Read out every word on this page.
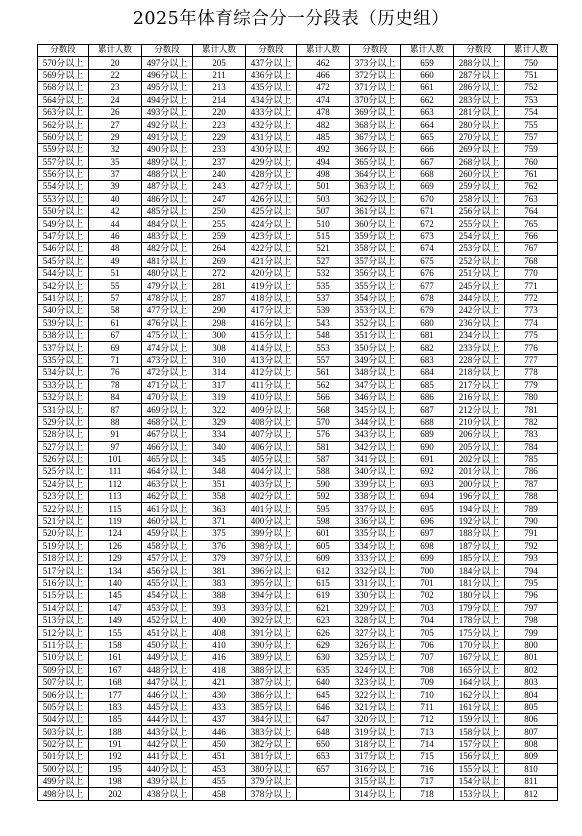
2025年体育综合分一分段表（历史组）
分数段	累计人数	分数段	累计人数	分数段	累计人数	分数段	累计人数	分数段	累计人数
570分以上	20	497分以上	205	437分以上	462	373分以上	659	288分以上	750
569分以上	22	496分以上	211	436分以上	466	372分以上	660	287分以上	751
568分以上	23	495分以上	213	435分以上	472	371分以上	661	286分以上	752
564分以上	24	494分以上	214	434分以上	474	370分以上	662	283分以上	753
563分以上	26	493分以上	220	433分以上	478	369分以上	663	281分以上	754
562分以上	27	492分以上	223	432分以上	482	368分以上	664	280分以上	755
560分以上	29	491分以上	229	431分以上	485	367分以上	665	270分以上	757
559分以上	32	490分以上	233	430分以上	492	366分以上	666	269分以上	759
557分以上	35	489分以上	237	429分以上	494	365分以上	667	268分以上	760
556分以上	37	488分以上	240	428分以上	498	364分以上	668	260分以上	761
554分以上	39	487分以上	243	427分以上	501	363分以上	669	259分以上	762
553分以上	40	486分以上	247	426分以上	503	362分以上	670	258分以上	763
550分以上	42	485分以上	250	425分以上	507	361分以上	671	256分以上	764
549分以上	44	484分以上	255	424分以上	510	360分以上	672	255分以上	765
547分以上	46	483分以上	259	423分以上	515	359分以上	673	254分以上	766
546分以上	48	482分以上	264	422分以上	521	358分以上	674	253分以上	767
545分以上	49	481分以上	269	421分以上	527	357分以上	675	252分以上	768
544分以上	51	480分以上	272	420分以上	532	356分以上	676	251分以上	770
542分以上	55	479分以上	281	419分以上	535	355分以上	677	245分以上	771
541分以上	57	478分以上	287	418分以上	537	354分以上	678	244分以上	772
540分以上	58	477分以上	290	417分以上	539	353分以上	679	242分以上	773
539分以上	61	476分以上	298	416分以上	543	352分以上	680	236分以上	774
538分以上	67	475分以上	300	415分以上	548	351分以上	681	234分以上	775
537分以上	69	474分以上	308	414分以上	553	350分以上	682	233分以上	776
535分以上	71	473分以上	310	413分以上	557	349分以上	683	228分以上	777
534分以上	76	472分以上	314	412分以上	561	348分以上	684	218分以上	778
533分以上	78	471分以上	317	411分以上	562	347分以上	685	217分以上	779
532分以上	84	470分以上	319	410分以上	566	346分以上	686	216分以上	780
531分以上	87	469分以上	322	409分以上	568	345分以上	687	212分以上	781
529分以上	88	468分以上	329	408分以上	570	344分以上	688	210分以上	782
528分以上	91	467分以上	334	407分以上	576	343分以上	689	206分以上	783
527分以上	97	466分以上	340	406分以上	581	342分以上	690	205分以上	784
526分以上	101	465分以上	345	405分以上	587	341分以上	691	202分以上	785
525分以上	111	464分以上	348	404分以上	588	340分以上	692	201分以上	786
524分以上	112	463分以上	351	403分以上	590	339分以上	693	200分以上	787
523分以上	113	462分以上	358	402分以上	592	338分以上	694	196分以上	788
522分以上	115	461分以上	363	401分以上	595	337分以上	695	194分以上	789
521分以上	119	460分以上	371	400分以上	598	336分以上	696	192分以上	790
520分以上	124	459分以上	375	399分以上	601	335分以上	697	188分以上	791
519分以上	126	458分以上	376	398分以上	605	334分以上	698	187分以上	792
518分以上	129	457分以上	379	397分以上	609	333分以上	699	185分以上	793
517分以上	134	456分以上	381	396分以上	612	332分以上	700	184分以上	794
516分以上	140	455分以上	383	395分以上	615	331分以上	701	181分以上	795
515分以上	145	454分以上	388	394分以上	619	330分以上	702	180分以上	796
514分以上	147	453分以上	393	393分以上	621	329分以上	703	179分以上	797
513分以上	149	452分以上	400	392分以上	623	328分以上	704	178分以上	798
512分以上	155	451分以上	408	391分以上	626	327分以上	705	175分以上	799
511分以上	158	450分以上	410	390分以上	629	326分以上	706	170分以上	800
510分以上	161	449分以上	416	389分以上	630	325分以上	707	167分以上	801
509分以上	167	448分以上	418	388分以上	635	324分以上	708	165分以上	802
507分以上	168	447分以上	421	387分以上	640	323分以上	709	164分以上	803
506分以上	177	446分以上	430	386分以上	645	322分以上	710	162分以上	804
505分以上	183	445分以上	433	385分以上	646	321分以上	711	161分以上	805
504分以上	185	444分以上	437	384分以上	647	320分以上	712	159分以上	806
503分以上	188	443分以上	446	383分以上	648	319分以上	713	158分以上	807
502分以上	191	442分以上	450	382分以上	650	318分以上	714	157分以上	808
501分以上	192	441分以上	451	381分以上	653	317分以上	715	156分以上	809
500分以上	195	440分以上	453	380分以上	657	316分以上	716	155分以上	810
499分以上	198	439分以上	455	379分以上		315分以上	717	154分以上	811
498分以上	202	438分以上	458	378分以上		314分以上	718	153分以上	812
